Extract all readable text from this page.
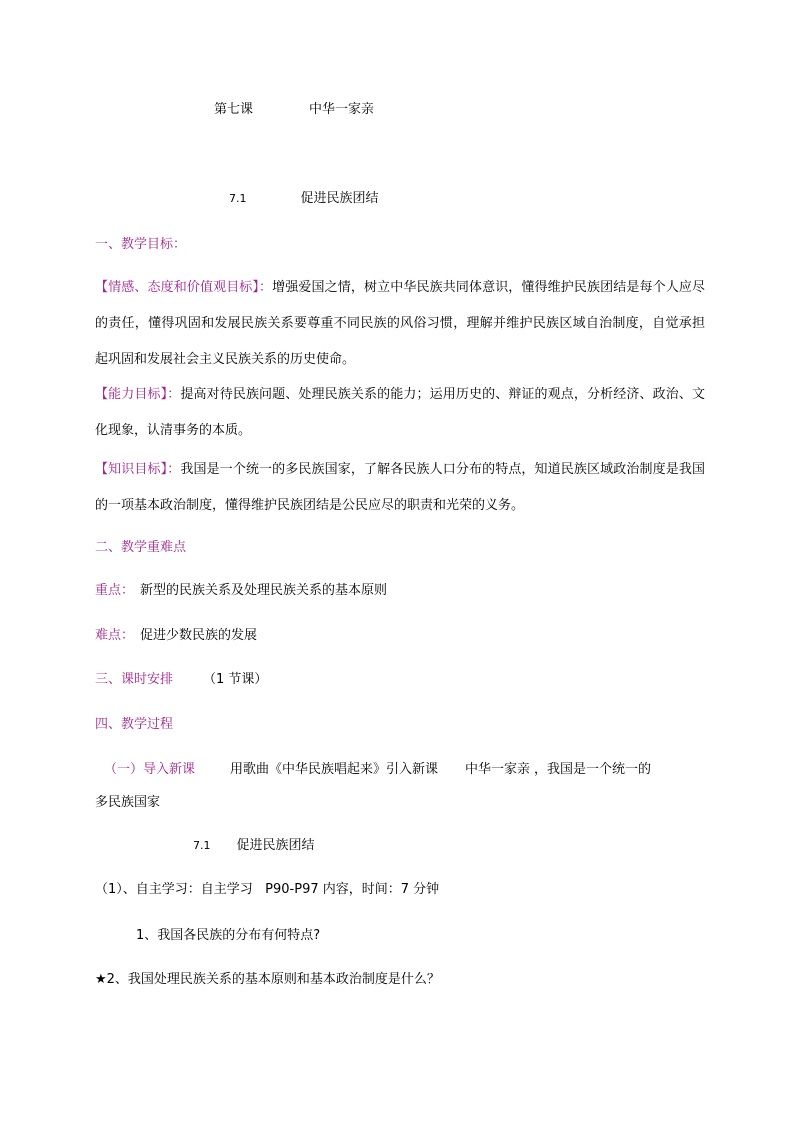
第七课	中华一家亲
7.1	促进民族团结
一、教学目标：
【情感、态度和价值观目标】：增强爱国之情，树立中华民族共同体意识，懂得维护民族团结是每个人应尽的责任，懂得巩固和发展民族关系要尊重不同民族的风俗习惯，理解并维护民族区域自治制度，自觉承担起巩固和发展社会主义民族关系的历史使命。
【能力目标】：提高对待民族问题、处理民族关系的能力；运用历史的、辩证的观点，分析经济、政治、文化现象，认清事务的本质。
【知识目标】：我国是一个统一的多民族国家，了解各民族人口分布的特点，知道民族区域政治制度是我国的一项基本政治制度，懂得维护民族团结是公民应尽的职责和光荣的义务。
二、教学重难点
重点： 新型的民族关系及处理民族关系的基本原则
难点： 促进少数民族的发展
三、课时安排 （1 节课）
四、教学过程
（一）导入新课	用歌曲《中华民族唱起来》引入新课 中华一家亲 ，我国是一个统一的
多民族国家
7.1 促进民族团结
（1）、自主学习：自主学习   P90-P97 内容，时间：7 分钟
1、我国各民族的分布有何特点?
★2、我国处理民族关系的基本原则和基本政治制度是什么？
